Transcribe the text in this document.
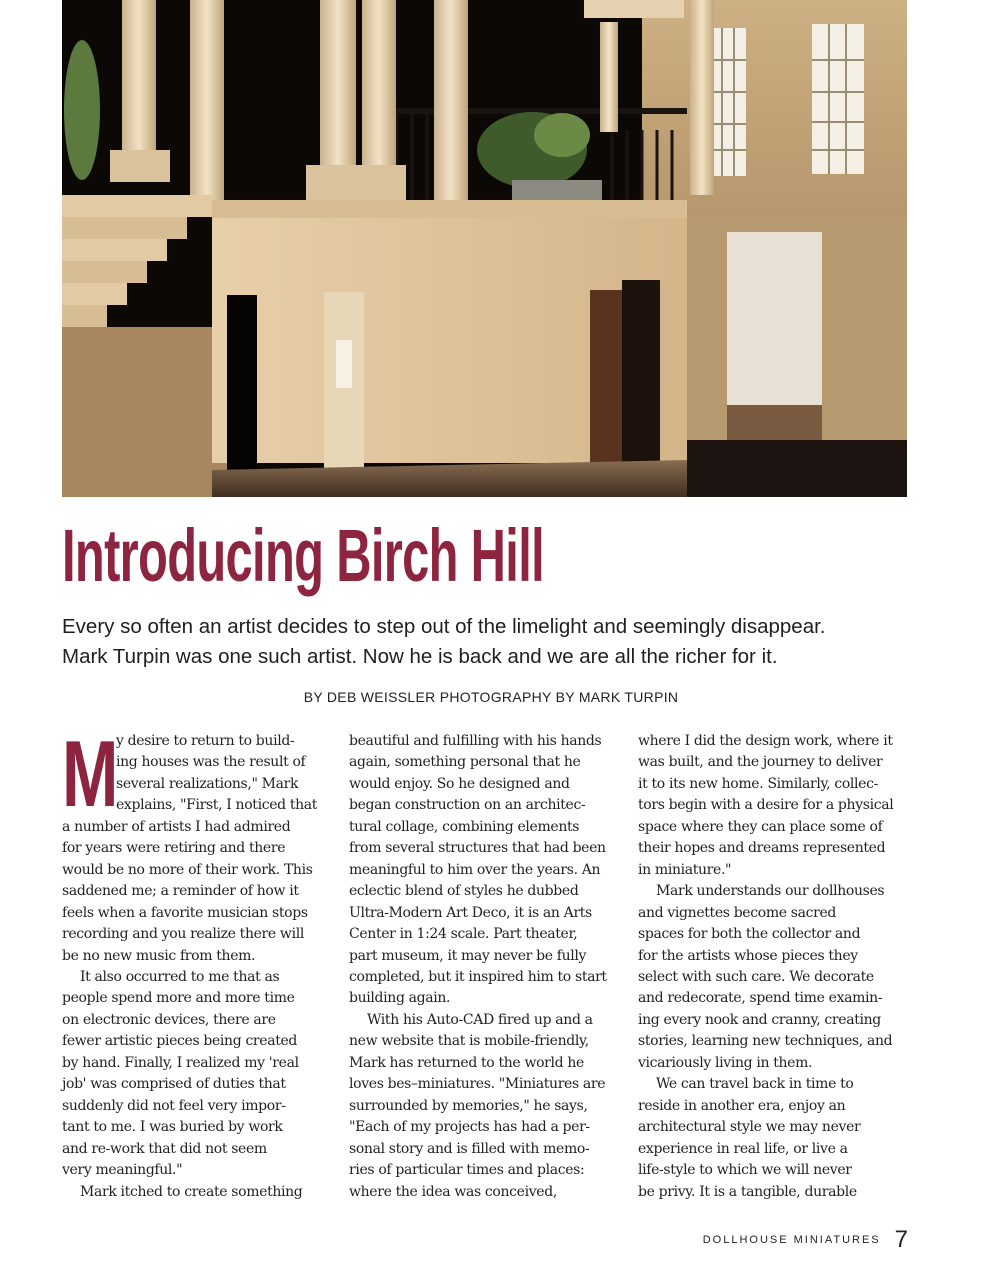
Introducing Birch Hill

Every so often an artist decides to step out of the limelight and seemingly disappear.

Mark Turpin was one such artist. Now he is back and we are all the richer for it.

BY DEB WEISSLER PHOTOGRAPHY BY MARK TURPIN
M

y desire to return to build-

ing houses was the result of

several realizations," Mark

explains, "First, I noticed that

a number of artists I had admired

for years were retiring and there

would be no more of their work. This

saddened me; a reminder of how it

feels when a favorite musician stops

recording and you realize there will

be no new music from them.

It also occurred to me that as

people spend more and more time

on electronic devices, there are

fewer artistic pieces being created

by hand. Finally, I realized my 'real

job' was comprised of duties that

suddenly did not feel very impor-

tant to me. I was buried by work

and re-work that did not seem

very meaningful."

Mark itched to create something

beautiful and fulfilling with his hands

again, something personal that he

would enjoy. So he designed and

began construction on an architec-

tural collage, combining elements

from several structures that had been

meaningful to him over the years. An

eclectic blend of styles he dubbed

Ultra-Modern Art Deco, it is an Arts

Center in 1:24 scale. Part theater,

part museum, it may never be fully

completed, but it inspired him to start

building again.

With his Auto-CAD fired up and a

new website that is mobile-friendly,

Mark has returned to the world he

loves bes–miniatures. "Miniatures are

surrounded by memories," he says,

"Each of my projects has had a per-

sonal story and is filled with memo-

ries of particular times and places:

where the idea was conceived,

where I did the design work, where it

was built, and the journey to deliver

it to its new home. Similarly, collec-

tors begin with a desire for a physical

space where they can place some of

their hopes and dreams represented

in miniature."

Mark understands our dollhouses

and vignettes become sacred

spaces for both the collector and

for the artists whose pieces they

select with such care. We decorate

and redecorate, spend time examin-

ing every nook and cranny, creating

stories, learning new techniques, and

vicariously living in them.

We can travel back in time to

reside in another era, enjoy an

architectural style we may never

experience in real life, or live a

life-style to which we will never

be privy. It is a tangible, durable

DOLLHOUSE MINIATURES 7
